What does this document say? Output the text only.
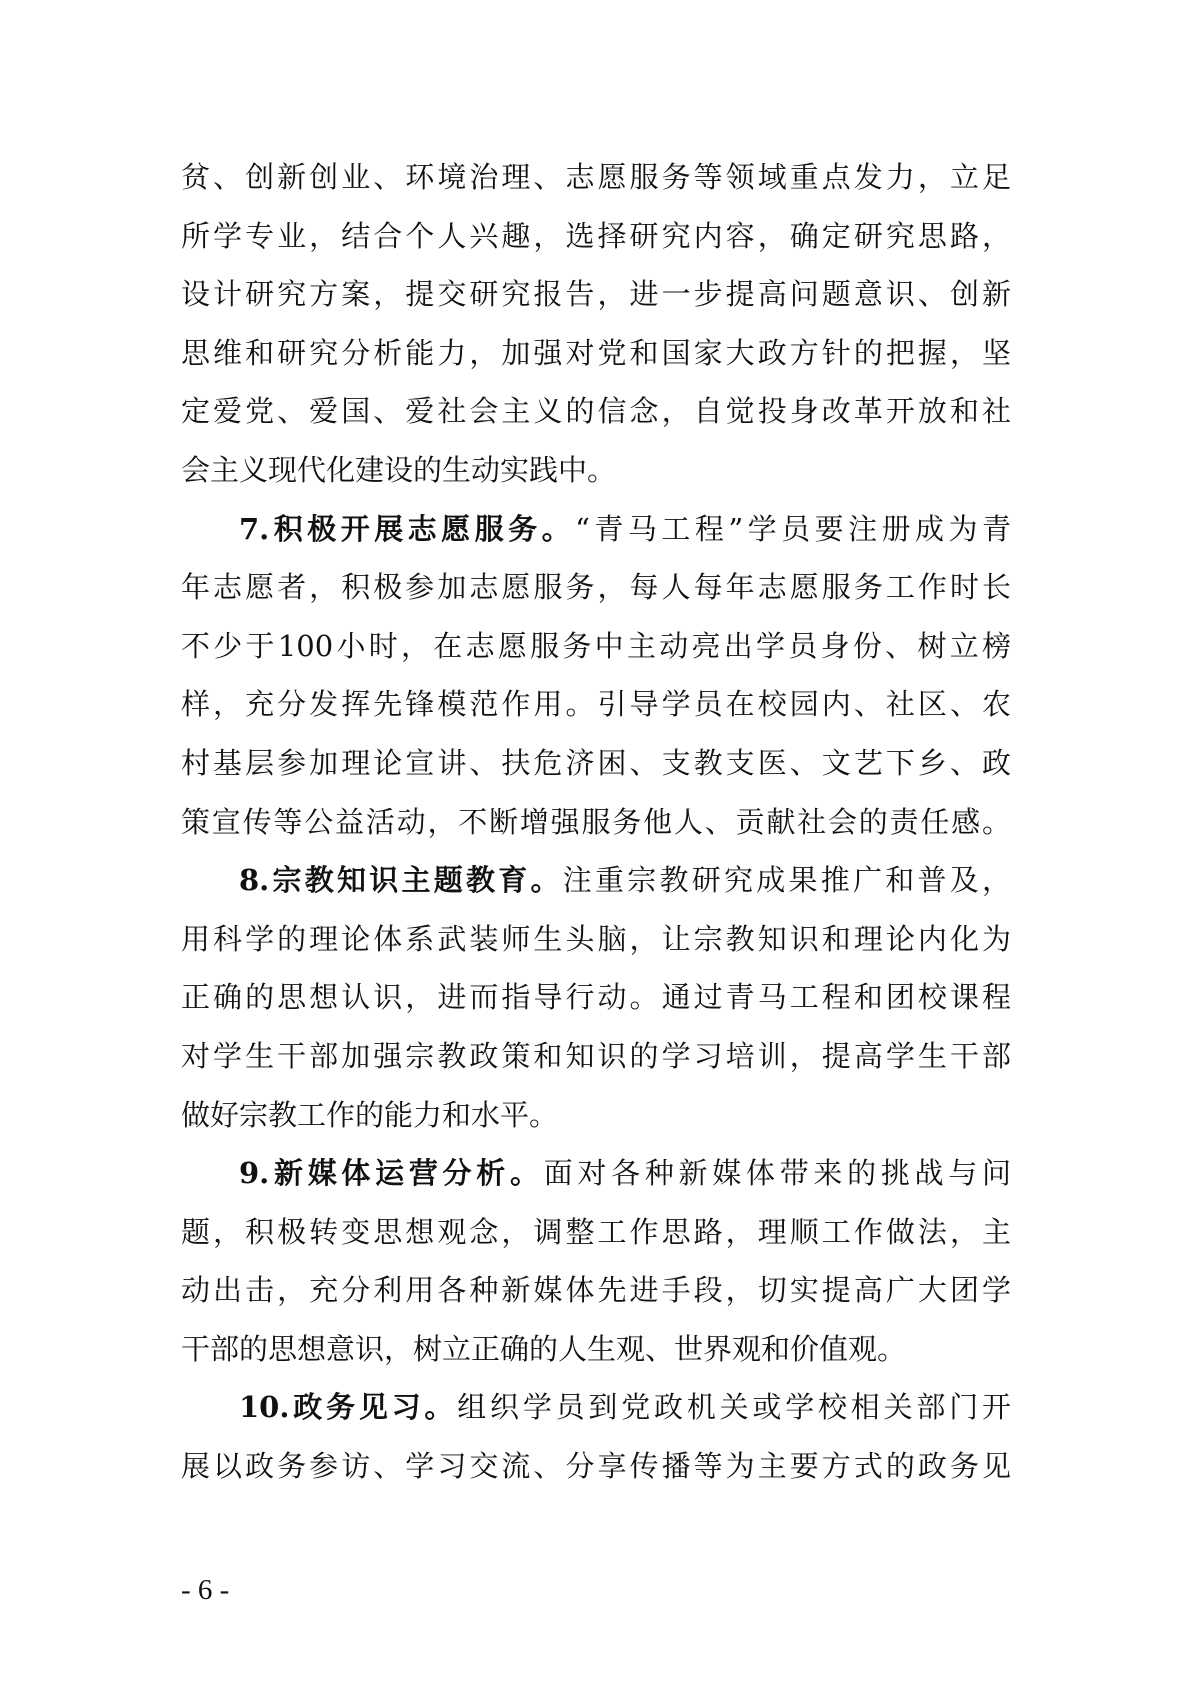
贫、创新创业、环境治理、志愿服务等领域重点发力，立足
所学专业，结合个人兴趣，选择研究内容，确定研究思路，
设计研究方案，提交研究报告，进一步提高问题意识、创新
思维和研究分析能力，加强对党和国家大政方针的把握，坚
定爱党、爱国、爱社会主义的信念，自觉投身改革开放和社
会主义现代化建设的生动实践中。
7.积极开展志愿服务。“青马工程”学员要注册成为青
年志愿者，积极参加志愿服务，每人每年志愿服务工作时长
不少于100小时，在志愿服务中主动亮出学员身份、树立榜
样，充分发挥先锋模范作用。引导学员在校园内、社区、农
村基层参加理论宣讲、扶危济困、支教支医、文艺下乡、政
策宣传等公益活动，不断增强服务他人、贡献社会的责任感。
8.宗教知识主题教育。注重宗教研究成果推广和普及，
用科学的理论体系武装师生头脑，让宗教知识和理论内化为
正确的思想认识，进而指导行动。通过青马工程和团校课程
对学生干部加强宗教政策和知识的学习培训，提高学生干部
做好宗教工作的能力和水平。
9.新媒体运营分析。面对各种新媒体带来的挑战与问
题，积极转变思想观念，调整工作思路，理顺工作做法，主
动出击，充分利用各种新媒体先进手段，切实提高广大团学
干部的思想意识，树立正确的人生观、世界观和价值观。
10.政务见习。组织学员到党政机关或学校相关部门开
展以政务参访、学习交流、分享传播等为主要方式的政务见
- 6 -
